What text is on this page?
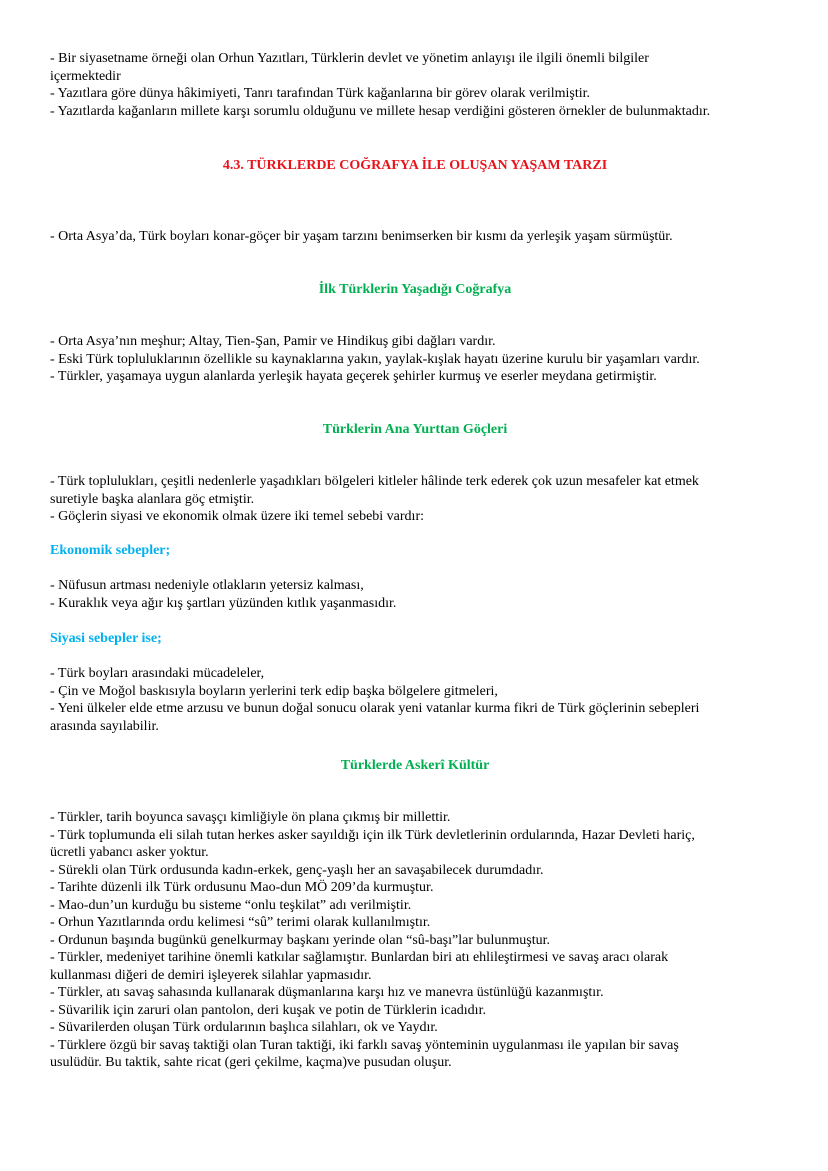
- Bir siyasetname örneği olan Orhun Yazıtları, Türklerin devlet ve yönetim anlayışı ile ilgili önemli bilgiler
içermektedir
- Yazıtlara göre dünya hâkimiyeti, Tanrı tarafından Türk kağanlarına bir görev olarak verilmiştir.
- Yazıtlarda kağanların millete karşı sorumlu olduğunu ve millete hesap verdiğini gösteren örnekler de bulunmaktadır.
4.3. TÜRKLERDE COĞRAFYA İLE OLUŞAN YAŞAM TARZI
- Orta Asya’da, Türk boyları konar-göçer bir yaşam tarzını benimserken bir kısmı da yerleşik yaşam sürmüştür.
İlk Türklerin Yaşadığı Coğrafya
- Orta Asya’nın meşhur; Altay, Tien-Şan, Pamir ve Hindikuş gibi dağları vardır.
- Eski Türk topluluklarının özellikle su kaynaklarına yakın, yaylak-kışlak hayatı üzerine kurulu bir yaşamları vardır.
- Türkler, yaşamaya uygun alanlarda yerleşik hayata geçerek şehirler kurmuş ve eserler meydana getirmiştir.
Türklerin Ana Yurttan Göçleri
- Türk toplulukları, çeşitli nedenlerle yaşadıkları bölgeleri kitleler hâlinde terk ederek çok uzun mesafeler kat etmek
suretiyle başka alanlara göç etmiştir.
- Göçlerin siyasi ve ekonomik olmak üzere iki temel sebebi vardır:
Ekonomik sebepler;
- Nüfusun artması nedeniyle otlakların yetersiz kalması,
- Kuraklık veya ağır kış şartları yüzünden kıtlık yaşanmasıdır.
Siyasi sebepler ise;
- Türk boyları arasındaki mücadeleler,
- Çin ve Moğol baskısıyla boyların yerlerini terk edip başka bölgelere gitmeleri,
- Yeni ülkeler elde etme arzusu ve bunun doğal sonucu olarak yeni vatanlar kurma fikri de Türk göçlerinin sebepleri
arasında sayılabilir.
Türklerde Askerî Kültür
- Türkler, tarih boyunca savaşçı kimliğiyle ön plana çıkmış bir millettir.
- Türk toplumunda eli silah tutan herkes asker sayıldığı için ilk Türk devletlerinin ordularında, Hazar Devleti hariç,
ücretli yabancı asker yoktur.
- Sürekli olan Türk ordusunda kadın-erkek, genç-yaşlı her an savaşabilecek durumdadır.
- Tarihte düzenli ilk Türk ordusunu Mao-dun MÖ 209’da kurmuştur.
- Mao-dun’un kurduğu bu sisteme “onlu teşkilat” adı verilmiştir.
- Orhun Yazıtlarında ordu kelimesi “sû” terimi olarak kullanılmıştır.
- Ordunun başında bugünkü genelkurmay başkanı yerinde olan “sû-başı”lar bulunmuştur.
- Türkler, medeniyet tarihine önemli katkılar sağlamıştır. Bunlardan biri atı ehlileştirmesi ve savaş aracı olarak
kullanması diğeri de demiri işleyerek silahlar yapmasıdır.
- Türkler, atı savaş sahasında kullanarak düşmanlarına karşı hız ve manevra üstünlüğü kazanmıştır.
- Süvarilik için zaruri olan pantolon, deri kuşak ve potin de Türklerin icadıdır.
- Süvarilerden oluşan Türk ordularının başlıca silahları, ok ve Yaydır.
- Türklere özgü bir savaş taktiği olan Turan taktiği, iki farklı savaş yönteminin uygulanması ile yapılan bir savaş
usulüdür. Bu taktik, sahte ricat (geri çekilme, kaçma)ve pusudan oluşur.
